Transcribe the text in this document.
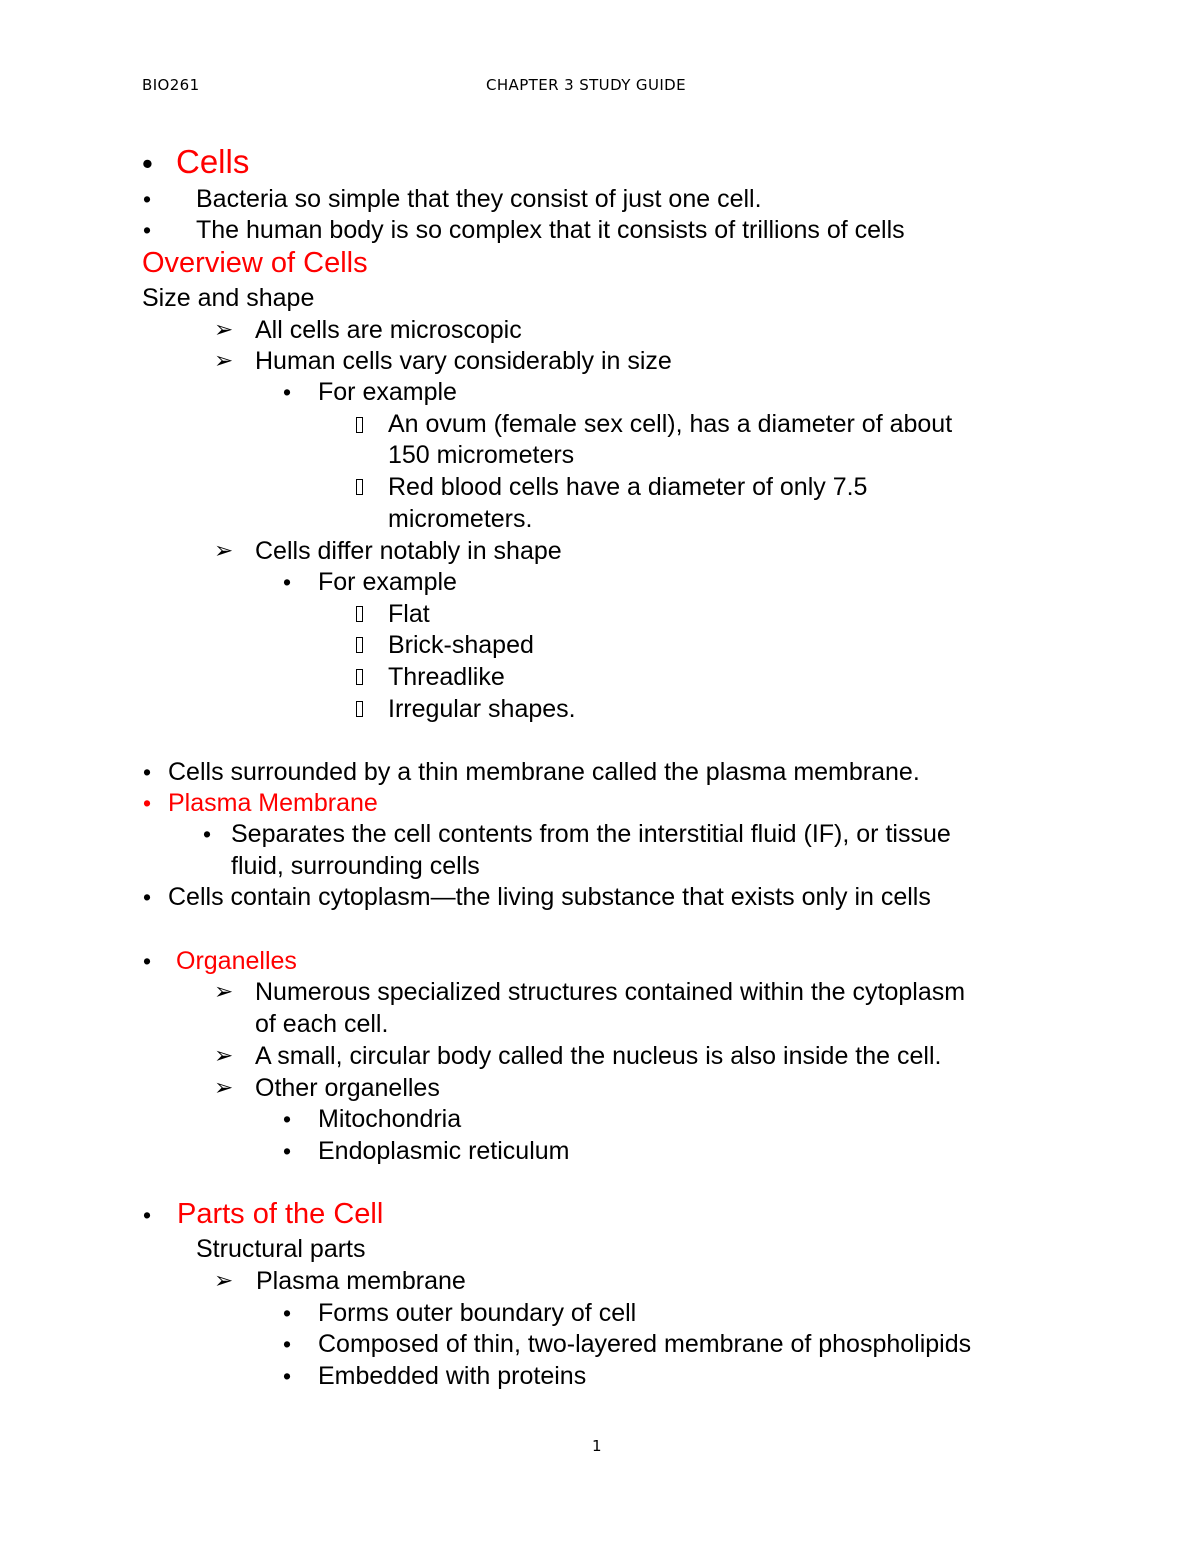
BIO261	CHAPTER 3 STUDY GUIDE
• Cells
• Bacteria so simple that they consist of just one cell.
• The human body is so complex that it consists of trillions of cells
Overview of Cells
Size and shape
➢ All cells are microscopic
➢ Human cells vary considerably in size
• For example
An ovum (female sex cell), has a diameter of about
150 micrometers
Red blood cells have a diameter of only 7.5
micrometers.
➢ Cells differ notably in shape
• For example
Flat
Brick-shaped
Threadlike
Irregular shapes.
• Cells surrounded by a thin membrane called the plasma membrane.
• Plasma Membrane
• Separates the cell contents from the interstitial fluid (IF), or tissue
fluid, surrounding cells
• Cells contain cytoplasm—the living substance that exists only in cells
• Organelles
➢ Numerous specialized structures contained within the cytoplasm
of each cell.
➢ A small, circular body called the nucleus is also inside the cell.
➢ Other organelles
• Mitochondria
• Endoplasmic reticulum
• Parts of the Cell
Structural parts
➢ Plasma membrane
• Forms outer boundary of cell
• Composed of thin, two-layered membrane of phospholipids
• Embedded with proteins
1
